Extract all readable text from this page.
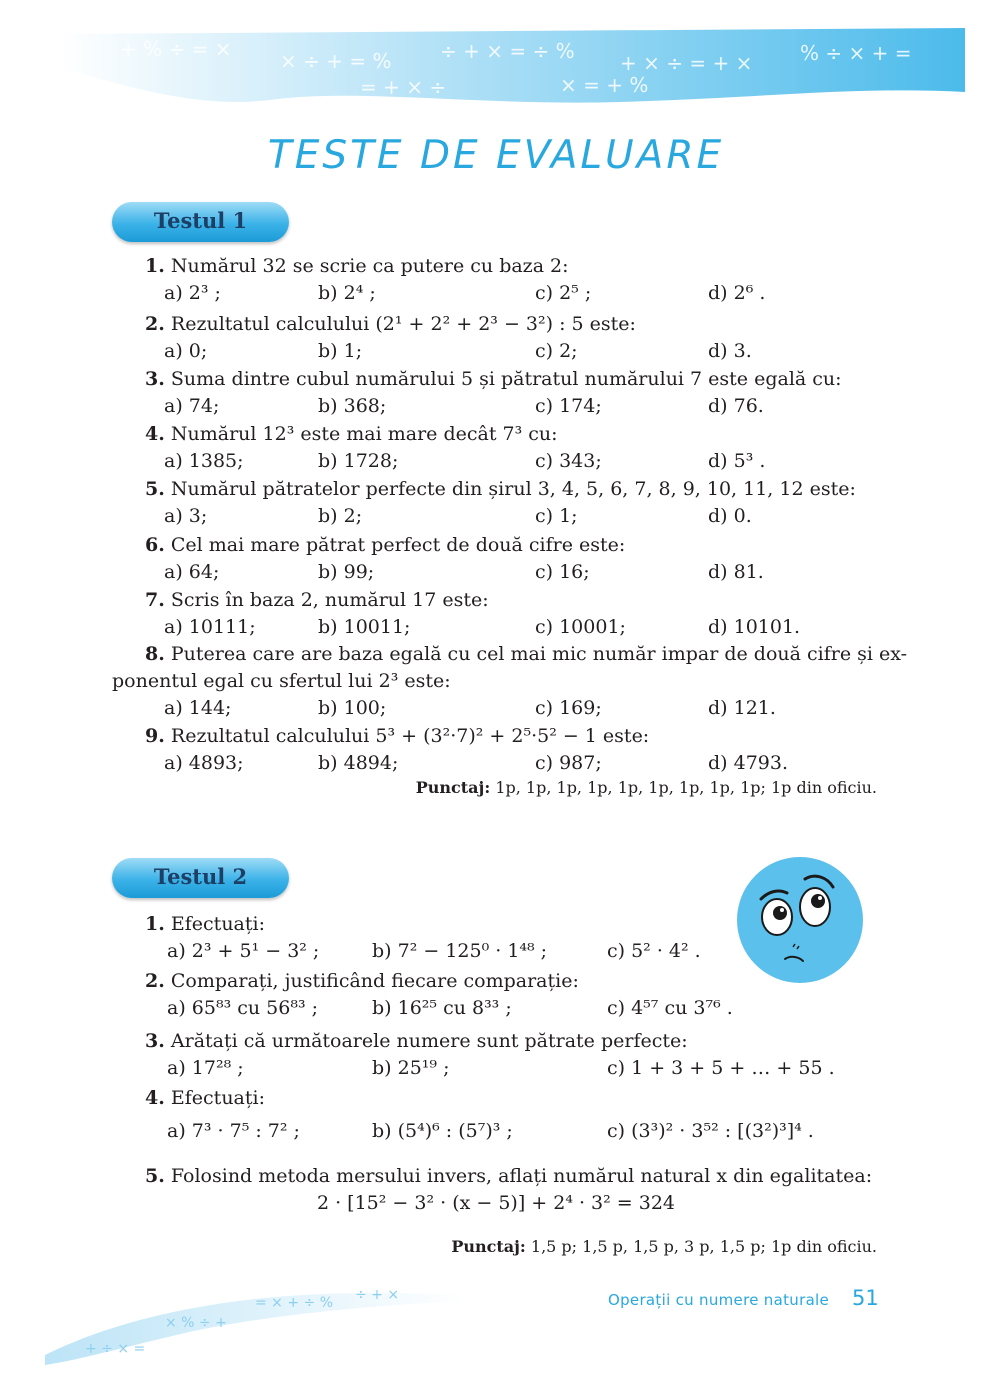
+ % ÷ = × × ÷ + = % ÷ + × = ÷ % + × ÷ = + × % ÷ × + =
= + × ÷	× = + %
+ ÷ × =
× % ÷ +
= × + ÷ % ÷ + ×
TESTE DE EVALUARE
Testul 1
1. Numărul 32 se scrie ca putere cu baza 2:
a) 2³ ;	b) 2⁴ ;	c) 2⁵ ;	d) 2⁶ .
2. Rezultatul calculului (2¹ + 2² + 2³ − 3²) : 5 este:
a) 0;	b) 1;	c) 2;	d) 3.
3. Suma dintre cubul numărului 5 și pătratul numărului 7 este egală cu:
a) 74;	b) 368;	c) 174;	d) 76.
4. Numărul 12³ este mai mare decât 7³ cu:
a) 1385;	b) 1728;	c) 343;	d) 5³ .
5. Numărul pătratelor perfecte din șirul 3, 4, 5, 6, 7, 8, 9, 10, 11, 12 este:
a) 3;	b) 2;	c) 1;	d) 0.
6. Cel mai mare pătrat perfect de două cifre este:
a) 64;	b) 99;	c) 16;	d) 81.
7. Scris în baza 2, numărul 17 este:
a) 10111;	b) 10011;	c) 10001;	d) 10101.
8. Puterea care are baza egală cu cel mai mic număr impar de două cifre și ex-
ponentul egal cu sfertul lui 2³ este:
a) 144;	b) 100;	c) 169;	d) 121.
9. Rezultatul calculului 5³ + (3²·7)² + 2⁵·5² − 1 este:
a) 4893;	b) 4894;	c) 987;	d) 4793.
Punctaj: 1p, 1p, 1p, 1p, 1p, 1p, 1p, 1p, 1p; 1p din oficiu.
Testul 2
1. Efectuați:
a) 2³ + 5¹ − 3² ;	b) 7² − 125⁰ · 1⁴⁸ ;	c) 5² · 4² .
2. Comparați, justificând fiecare comparație:
a) 65⁸³ cu 56⁸³ ;	b) 16²⁵ cu 8³³ ;	c) 4⁵⁷ cu 3⁷⁶ .
3. Arătați că următoarele numere sunt pătrate perfecte:
a) 17²⁸ ;	b) 25¹⁹ ;	c) 1 + 3 + 5 + … + 55 .
4. Efectuați:
a) 7³ · 7⁵ : 7² ;	b) (5⁴)⁶ : (5⁷)³ ;	c) (3³)² · 3⁵² : [(3²)³]⁴ .
5. Folosind metoda mersului invers, aflați numărul natural x din egalitatea:
2 · [15² − 3² · (x − 5)] + 2⁴ · 3² = 324
Punctaj: 1,5 p; 1,5 p, 1,5 p, 3 p, 1,5 p; 1p din oficiu.
Operații cu numere naturale 51
